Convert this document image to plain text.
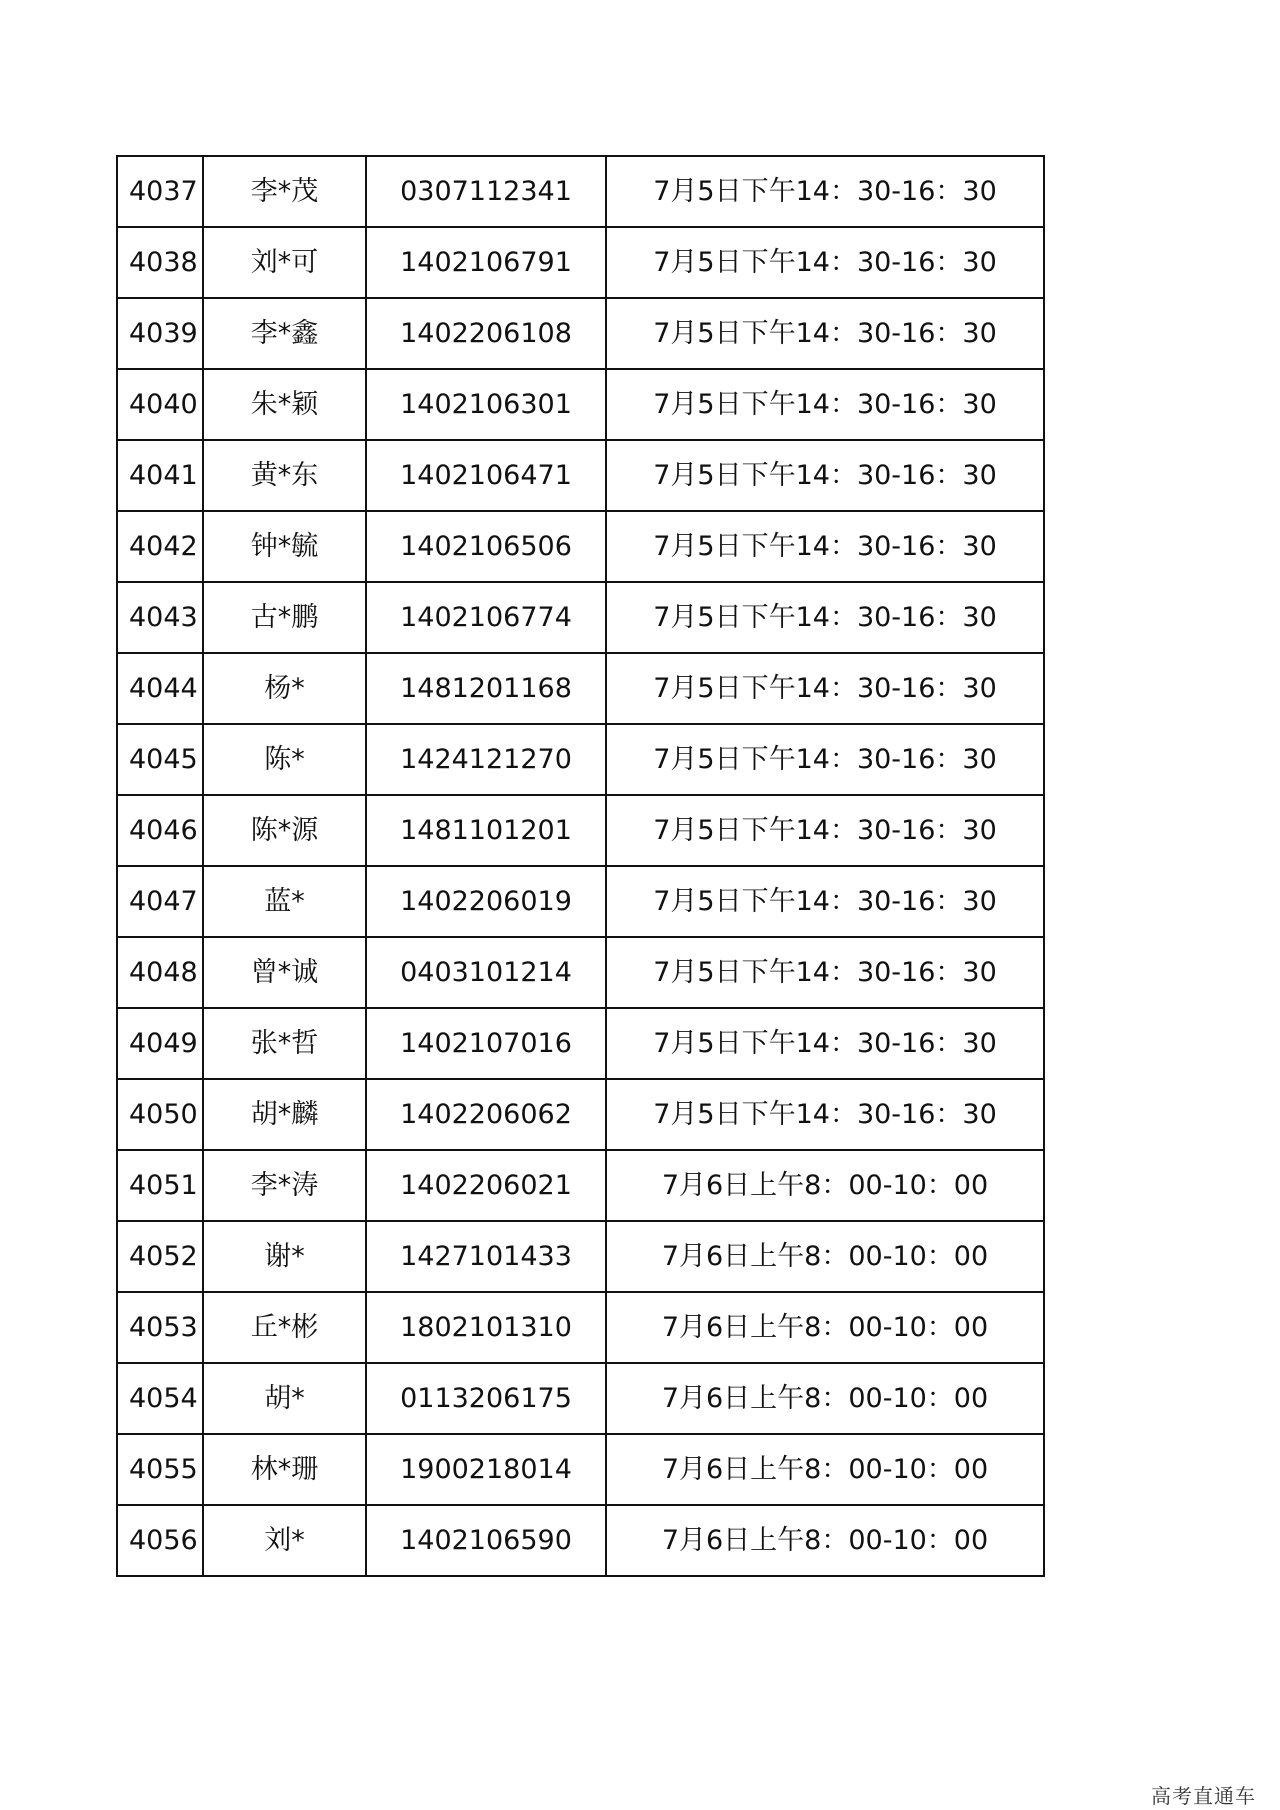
4037	李*茂	0307112341	7月5日下午14：30-16：30
4038	刘*可	1402106791	7月5日下午14：30-16：30
4039	李*鑫	1402206108	7月5日下午14：30-16：30
4040	朱*颖	1402106301	7月5日下午14：30-16：30
4041	黄*东	1402106471	7月5日下午14：30-16：30
4042	钟*毓	1402106506	7月5日下午14：30-16：30
4043	古*鹏	1402106774	7月5日下午14：30-16：30
4044	杨*	1481201168	7月5日下午14：30-16：30
4045	陈*	1424121270	7月5日下午14：30-16：30
4046	陈*源	1481101201	7月5日下午14：30-16：30
4047	蓝*	1402206019	7月5日下午14：30-16：30
4048	曾*诚	0403101214	7月5日下午14：30-16：30
4049	张*哲	1402107016	7月5日下午14：30-16：30
4050	胡*麟	1402206062	7月5日下午14：30-16：30
4051	李*涛	1402206021	7月6日上午8：00-10：00
4052	谢*	1427101433	7月6日上午8：00-10：00
4053	丘*彬	1802101310	7月6日上午8：00-10：00
4054	胡*	0113206175	7月6日上午8：00-10：00
4055	林*珊	1900218014	7月6日上午8：00-10：00
4056	刘*	1402106590	7月6日上午8：00-10：00
高考直通车
